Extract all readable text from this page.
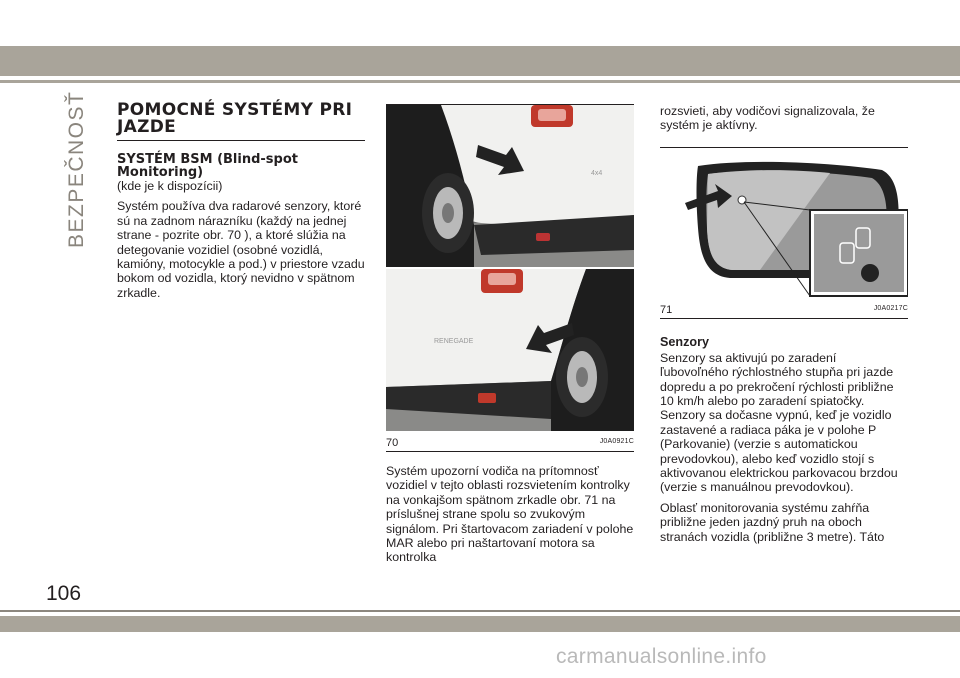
BEZPEČNOSŤ POMOCNÉ SYSTÉMY PRI JAZDE
SYSTÉM BSM (Blind-spot Monitoring)

(kde je k dispozícii)

Systém používa dva radarové senzory, ktoré sú na zadnom nárazníku (každý na jednej strane - pozrite obr. 70 ), a ktoré slúžia na detegovanie vozidiel (osobné vozidlá, kamióny, motocykle a pod.) v priestore vzadu bokom od vozidla, ktorý nevidno v spätnom zrkadle.

4x4
RENEGADE
70	J0A0921C

Systém upozorní vodiča na prítomnosť vozidiel v tejto oblasti rozsvietením kontrolky na vonkajšom spätnom zrkadle obr. 71 na príslušnej strane spolu so zvukovým signálom. Pri štartovacom zariadení v polohe MAR alebo pri naštartovaní motora sa kontrolka

rozsvieti, aby vodičovi signalizovala, že systém je aktívny.

71	J0A0217C
Senzory

Senzory sa aktivujú po zaradení ľubovoľného rýchlostného stupňa pri jazde dopredu a po prekročení rýchlosti približne 10 km/h alebo po zaradení spiatočky. Senzory sa dočasne vypnú, keď je vozidlo zastavené a radiaca páka je v polohe P (Parkovanie) (verzie s automatickou prevodovkou), alebo keď vozidlo stojí s aktivovanou elektrickou parkovacou brzdou (verzie s manuálnou prevodovkou).

Oblasť monitorovania systému zahŕňa približne jeden jazdný pruh na oboch stranách vozidla (približne 3 metre). Táto

106
carmanualsonline.info
